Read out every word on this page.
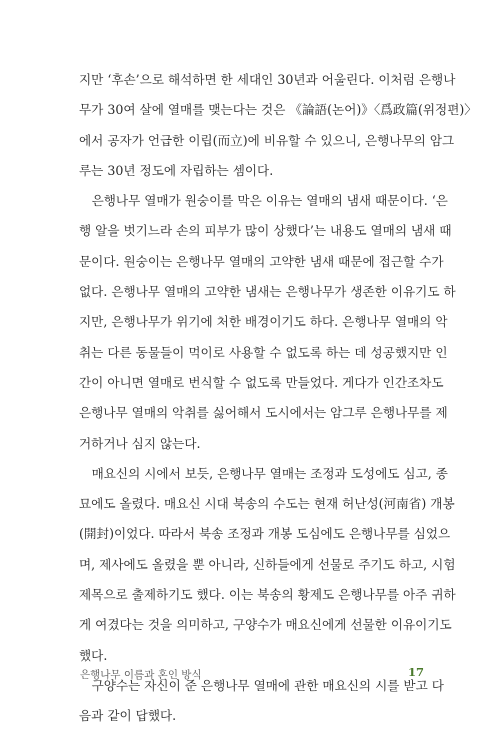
지만 ‘후손’으로 해석하면 한 세대인 30년과 어울린다. 이처럼 은행나
무가 30여 살에 열매를 맺는다는 것은 《論語(논어)》〈爲政篇(위정편)〉
에서 공자가 언급한 이립(而立)에 비유할 수 있으니, 은행나무의 암그
루는 30년 정도에 자립하는 셈이다.
은행나무 열매가 원숭이를 막은 이유는 열매의 냄새 때문이다. ‘은
행 알을 벗기느라 손의 피부가 많이 상했다’는 내용도 열매의 냄새 때
문이다. 원숭이는 은행나무 열매의 고약한 냄새 때문에 접근할 수가
없다. 은행나무 열매의 고약한 냄새는 은행나무가 생존한 이유기도 하
지만, 은행나무가 위기에 처한 배경이기도 하다. 은행나무 열매의 악
취는 다른 동물들이 먹이로 사용할 수 없도록 하는 데 성공했지만 인
간이 아니면 열매로 번식할 수 없도록 만들었다. 게다가 인간조차도
은행나무 열매의 악취를 싫어해서 도시에서는 암그루 은행나무를 제
거하거나 심지 않는다.
매요신의 시에서 보듯, 은행나무 열매는 조정과 도성에도 심고, 종
묘에도 올렸다. 매요신 시대 북송의 수도는 현재 허난성(河南省) 개봉
(開封)이었다. 따라서 북송 조정과 개봉 도심에도 은행나무를 심었으
며, 제사에도 올렸을 뿐 아니라, 신하들에게 선물로 주기도 하고, 시험
제목으로 출제하기도 했다. 이는 북송의 황제도 은행나무를 아주 귀하
게 여겼다는 것을 의미하고, 구양수가 매요신에게 선물한 이유이기도
했다.
구양수는 자신이 준 은행나무 열매에 관한 매요신의 시를 받고 다
음과 같이 답했다.
은행나무 이름과 혼인 방식	17
